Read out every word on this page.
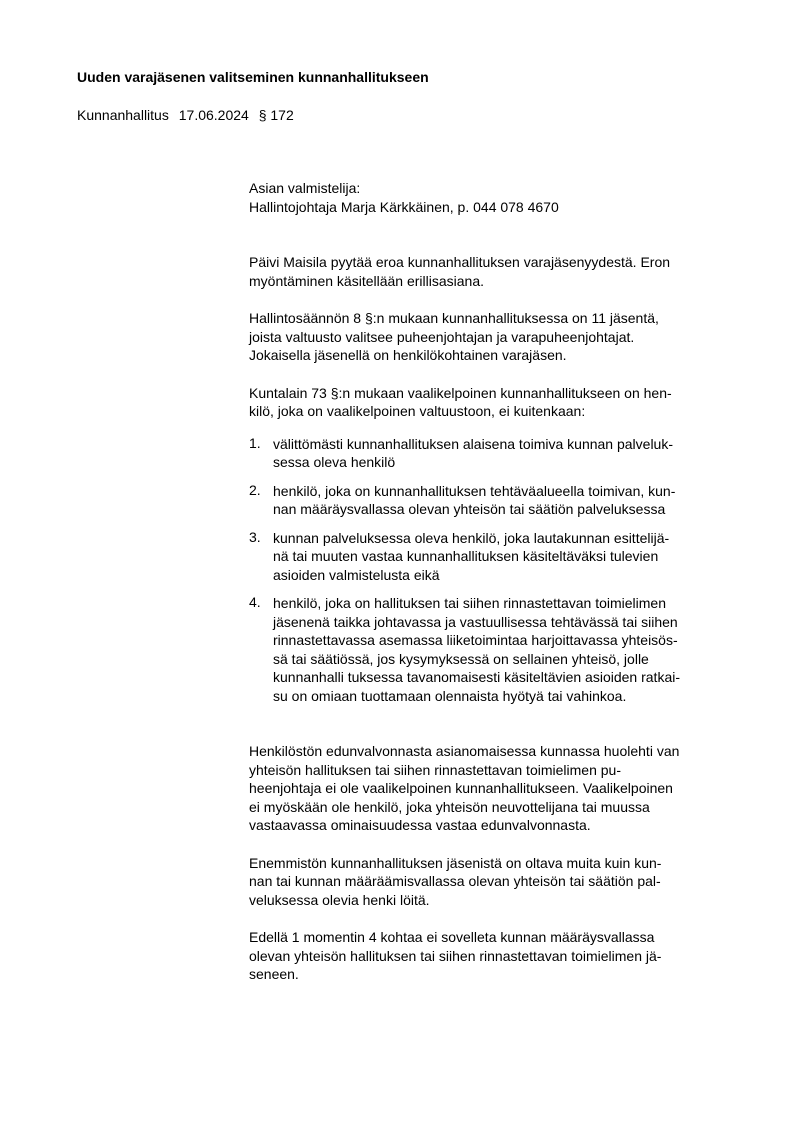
Uuden varajäsenen valitseminen kunnanhallitukseen
Kunnanhallitus 17.06.2024 § 172
Asian valmistelija:
Hallintojohtaja Marja Kärkkäinen, p. 044 078 4670
Päivi Maisila pyytää eroa kunnanhallituksen varajäsenyydestä. Eron
myöntäminen käsitellään erillisasiana.
Hallintosäännön 8 §:n mukaan kunnanhallituksessa on 11 jäsentä,
joista valtuusto valitsee puheenjohtajan ja varapuheenjohtajat.
Jokaisella jäsenellä on henkilökohtainen varajäsen.
Kuntalain 73 §:n mukaan vaalikelpoinen kunnanhallitukseen on hen-
kilö, joka on vaalikelpoinen valtuustoon, ei kuitenkaan:
1. välittömästi kunnanhallituksen alaisena toimiva kunnan palveluk-
sessa oleva henkilö
2. henkilö, joka on kunnanhallituksen tehtäväalueella toimivan, kun-
nan määräysvallassa olevan yhteisön tai säätiön palveluksessa
3. kunnan palveluksessa oleva henkilö, joka lautakunnan esittelijä-
nä tai muuten vastaa kunnanhallituksen käsiteltäväksi tulevien
asioiden valmistelusta eikä
4. henkilö, joka on hallituksen tai siihen rinnastettavan toimielimen
jäsenenä taikka johtavassa ja vastuullisessa tehtävässä tai siihen
rinnastettavassa asemassa liiketoimintaa harjoittavassa yhteisös-
sä tai säätiössä, jos kysymyksessä on sellainen yhteisö, jolle
kunnanhalli tuksessa tavanomaisesti käsiteltävien asioiden ratkai-
su on omiaan tuottamaan olennaista hyötyä tai vahinkoa.
Henkilöstön edunvalvonnasta asianomaisessa kunnassa huolehti van
yhteisön hallituksen tai siihen rinnastettavan toimielimen pu-
heenjohtaja ei ole vaalikelpoinen kunnanhallitukseen. Vaalikelpoinen
ei myöskään ole henkilö, joka yhteisön neuvottelijana tai muussa
vastaavassa ominaisuudessa vastaa edunvalvonnasta.
Enemmistön kunnanhallituksen jäsenistä on oltava muita kuin kun-
nan tai kunnan määräämisvallassa olevan yhteisön tai säätiön pal-
veluksessa olevia henki löitä.
Edellä 1 momentin 4 kohtaa ei sovelleta kunnan määräysvallassa
olevan yhteisön hallituksen tai siihen rinnastettavan toimielimen jä-
seneen.
